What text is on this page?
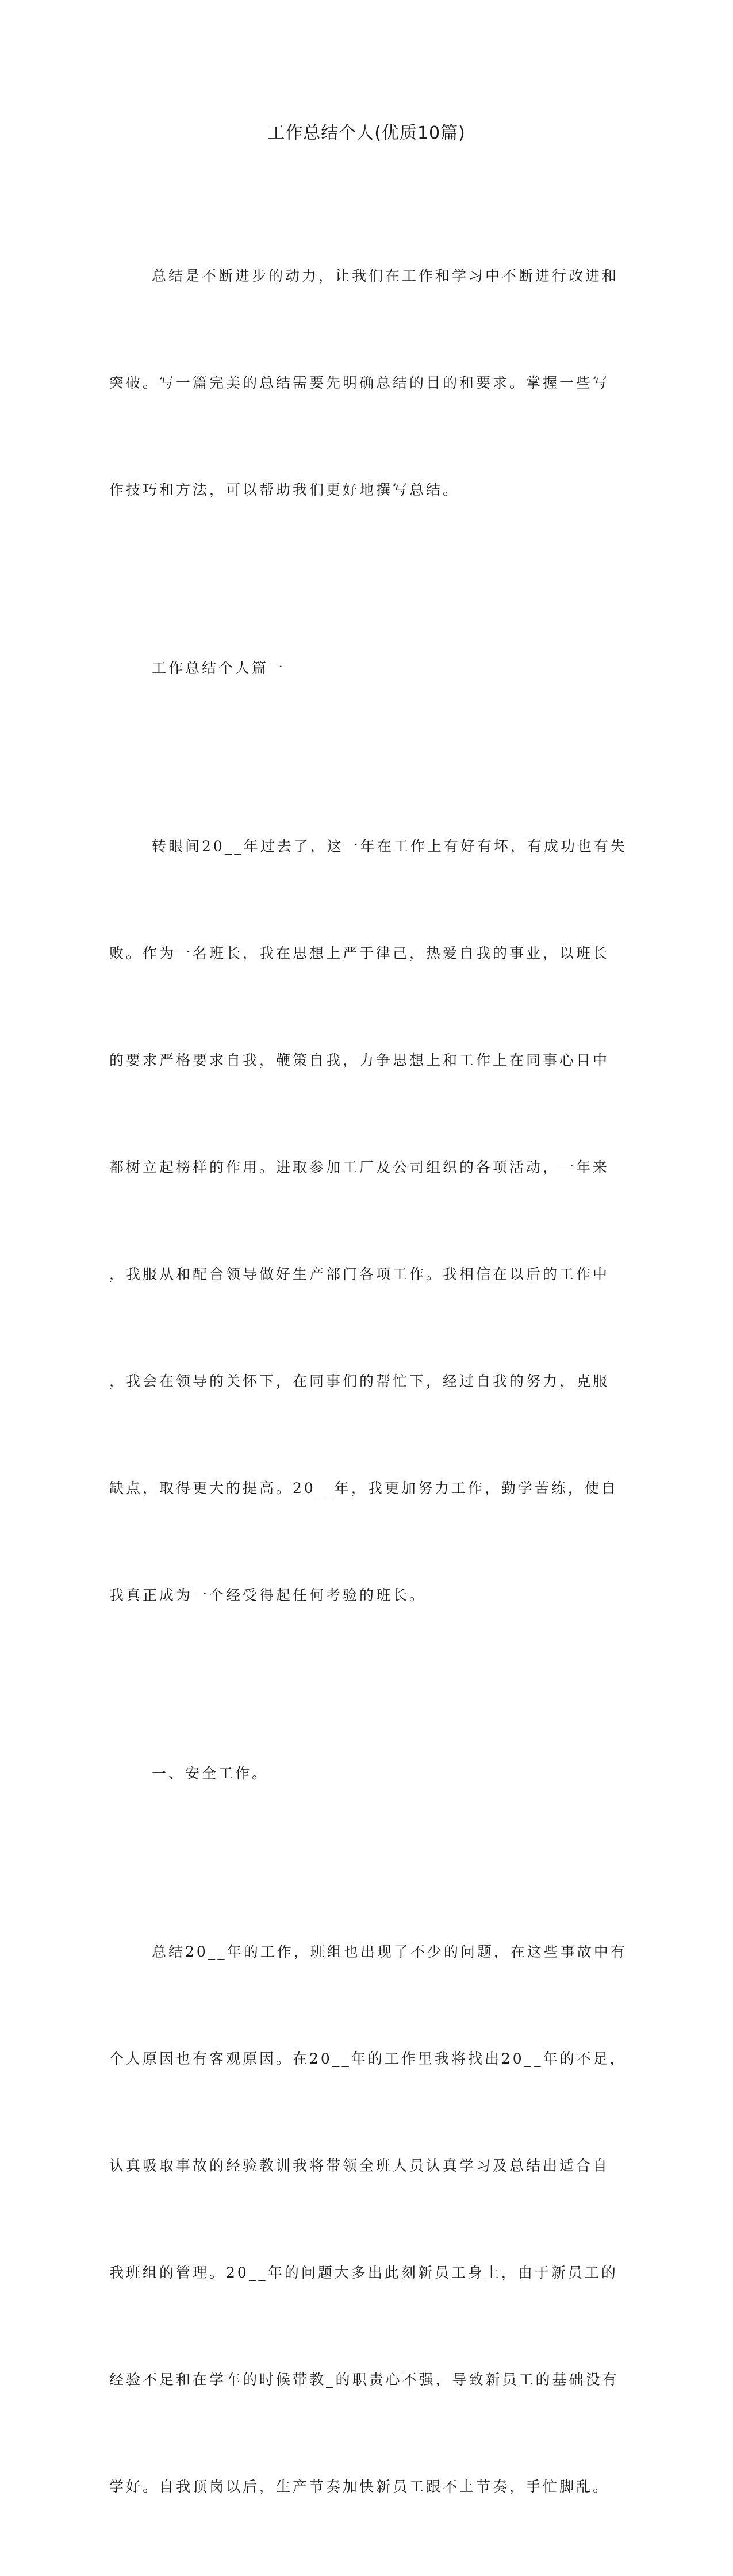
工作总结个人(优质10篇)

总结是不断进步的动力，让我们在工作和学习中不断进行改进和

突破。写一篇完美的总结需要先明确总结的目的和要求。掌握一些写

作技巧和方法，可以帮助我们更好地撰写总结。

工作总结个人篇一

转眼间20__年过去了，这一年在工作上有好有坏，有成功也有失

败。作为一名班长，我在思想上严于律己，热爱自我的事业，以班长

的要求严格要求自我，鞭策自我，力争思想上和工作上在同事心目中

都树立起榜样的作用。进取参加工厂及公司组织的各项活动，一年来

，我服从和配合领导做好生产部门各项工作。我相信在以后的工作中

，我会在领导的关怀下，在同事们的帮忙下，经过自我的努力，克服

缺点，取得更大的提高。20__年，我更加努力工作，勤学苦练，使自

我真正成为一个经受得起任何考验的班长。

一、安全工作。

总结20__年的工作，班组也出现了不少的问题，在这些事故中有

个人原因也有客观原因。在20__年的工作里我将找出20__年的不足，

认真吸取事故的经验教训我将带领全班人员认真学习及总结出适合自

我班组的管理。20__年的问题大多出此刻新员工身上，由于新员工的

经验不足和在学车的时候带教_的职责心不强，导致新员工的基础没有

学好。自我顶岗以后，生产节奏加快新员工跟不上节奏，手忙脚乱。
